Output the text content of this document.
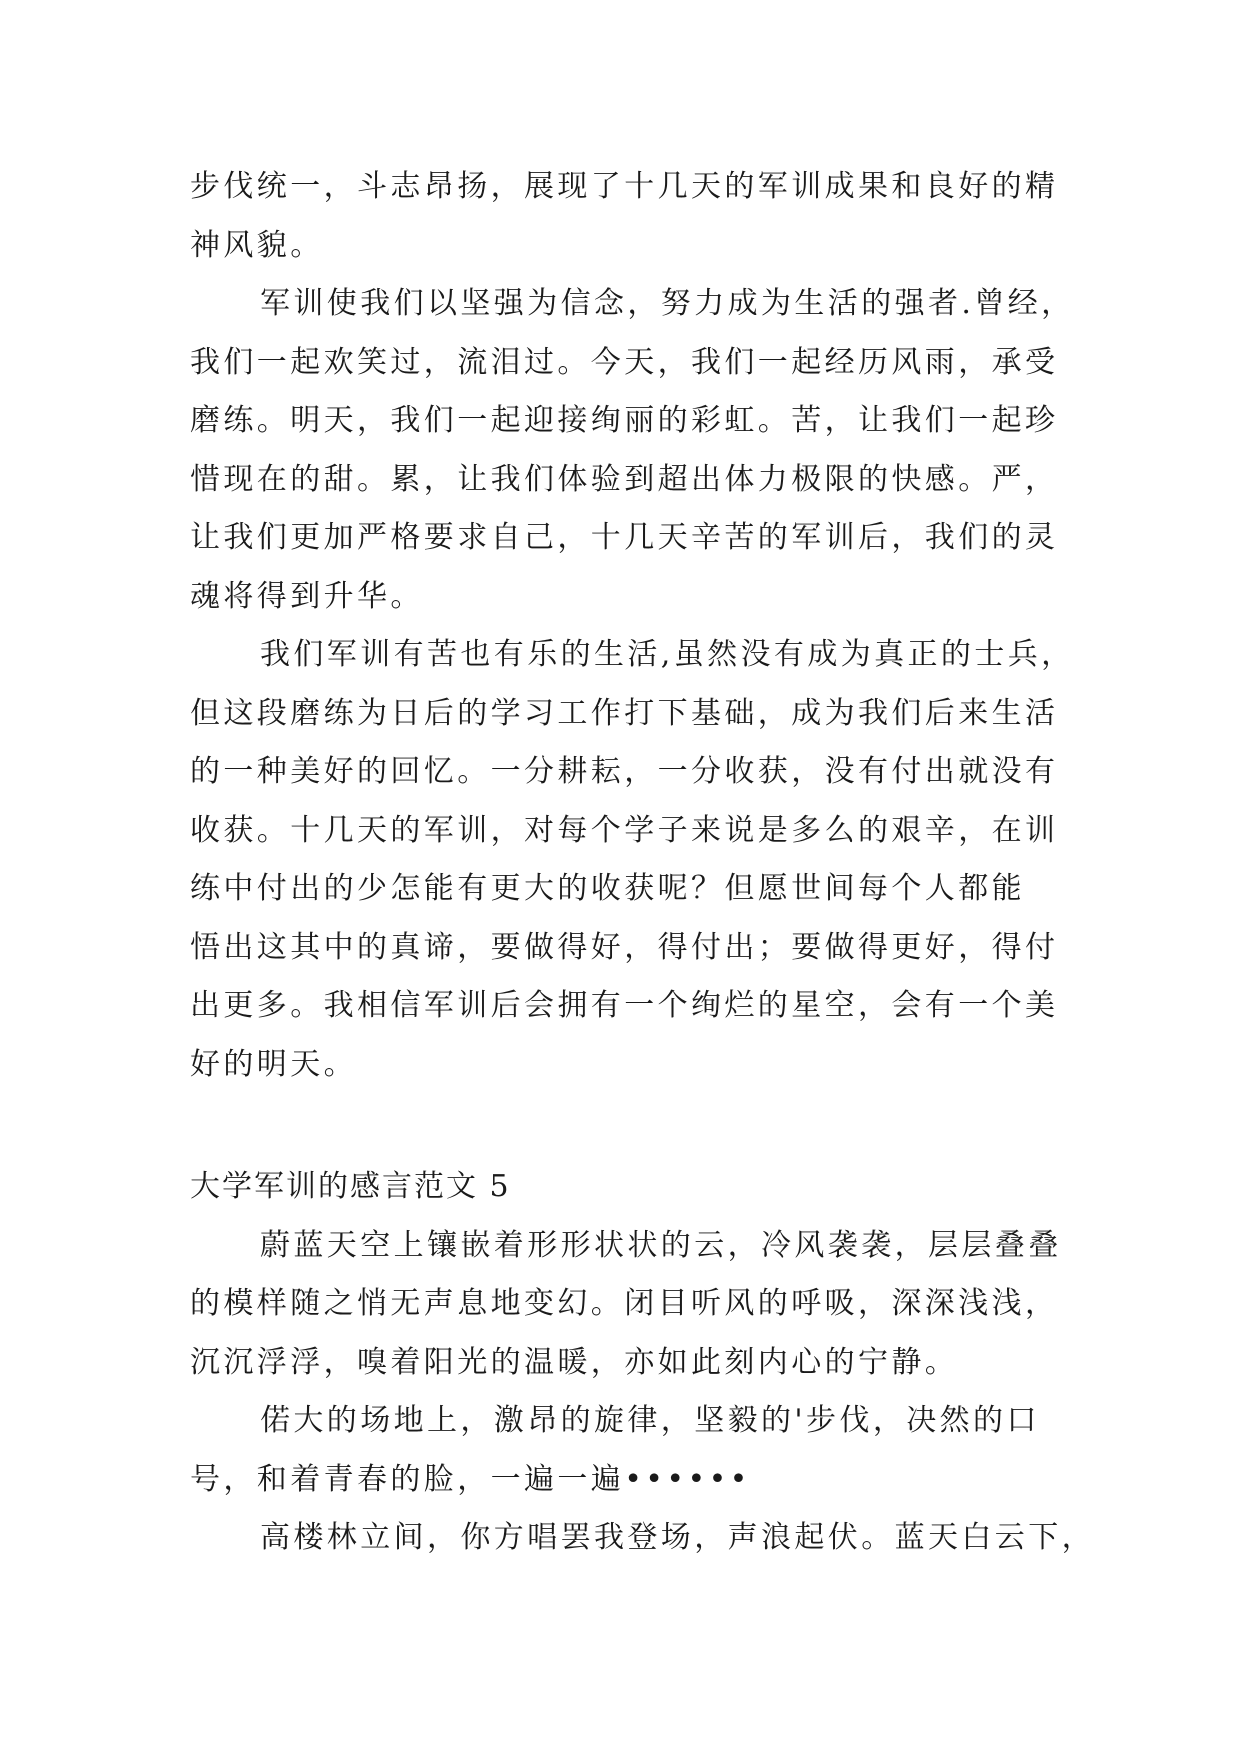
步伐统一，斗志昂扬，展现了十几天的军训成果和良好的精
神风貌。
军训使我们以坚强为信念，努力成为生活的强者.曾经，
我们一起欢笑过，流泪过。今天，我们一起经历风雨，承受
磨练。明天，我们一起迎接绚丽的彩虹。苦，让我们一起珍
惜现在的甜。累，让我们体验到超出体力极限的快感。严，
让我们更加严格要求自己，十几天辛苦的军训后，我们的灵
魂将得到升华。
我们军训有苦也有乐的生活,虽然没有成为真正的士兵，
但这段磨练为日后的学习工作打下基础，成为我们后来生活
的一种美好的回忆。一分耕耘，一分收获，没有付出就没有
收获。十几天的军训，对每个学子来说是多么的艰辛，在训
练中付出的少怎能有更大的收获呢？但愿世间每个人都能
悟出这其中的真谛，要做得好，得付出；要做得更好，得付
出更多。我相信军训后会拥有一个绚烂的星空，会有一个美
好的明天。
大学军训的感言范文 5
蔚蓝天空上镶嵌着形形状状的云，冷风袭袭，层层叠叠
的模样随之悄无声息地变幻。闭目听风的呼吸，深深浅浅，
沉沉浮浮，嗅着阳光的温暖，亦如此刻内心的宁静。
偌大的场地上，激昂的旋律，坚毅的'步伐，决然的口
号，和着青春的脸，一遍一遍••••••
高楼林立间，你方唱罢我登场，声浪起伏。蓝天白云下，
